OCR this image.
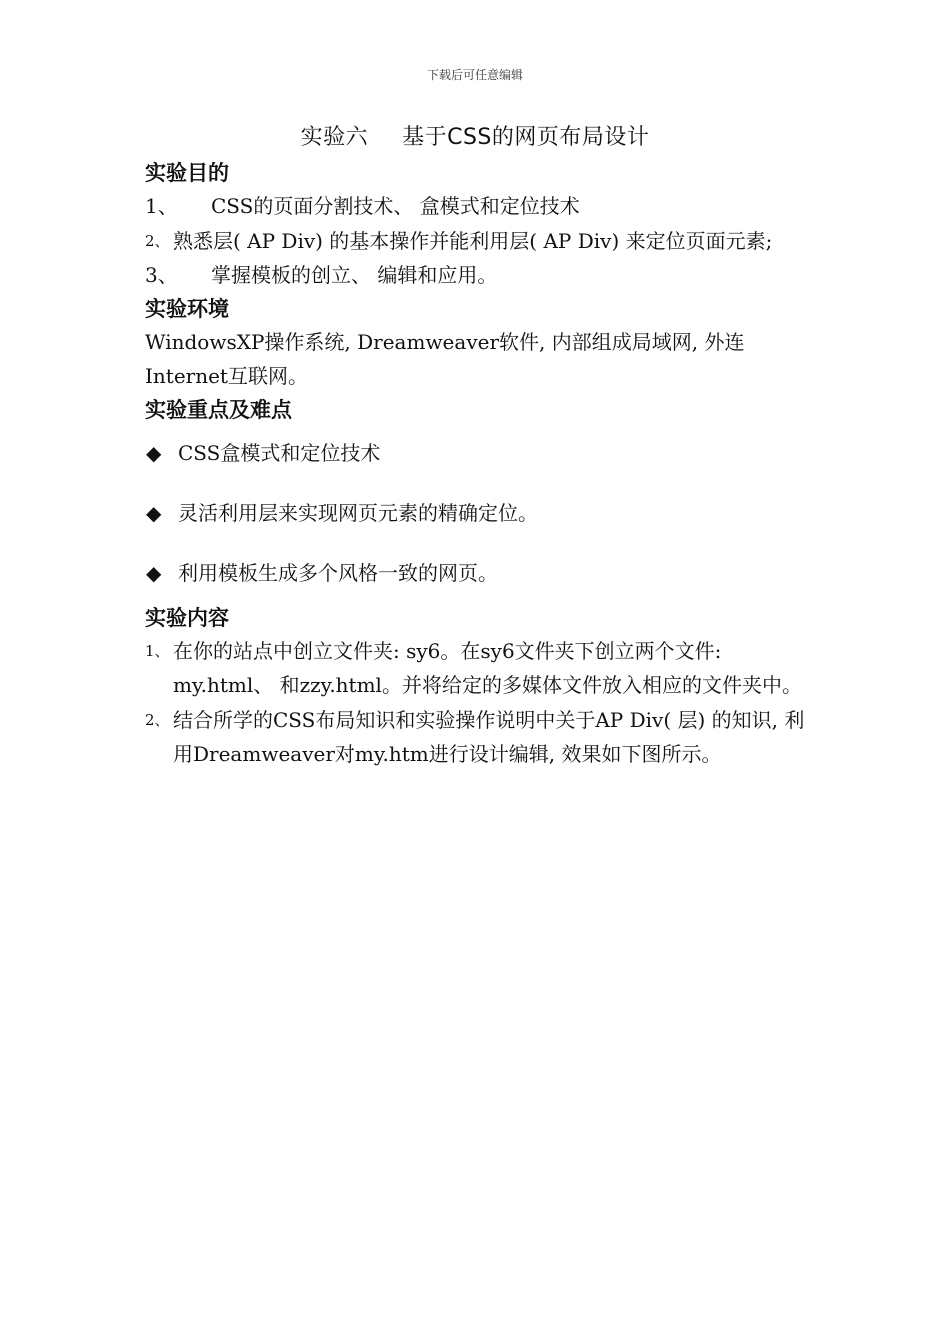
下载后可任意编辑
实验六 基于CSS的网页布局设计
实验目的
1、 CSS的页面分割技术、 盒模式和定位技术
2、 熟悉层( AP Div) 的基本操作并能利用层( AP Div) 来定位页面元素;
3、 掌握模板的创立、 编辑和应用。
实验环境
WindowsXP操作系统, Dreamweaver软件, 内部组成局域网, 外连Internet互联网。
实验重点及难点
◆ CSS盒模式和定位技术
◆ 灵活利用层来实现网页元素的精确定位。
◆ 利用模板生成多个风格一致的网页。
实验内容
1、 在你的站点中创立文件夹: sy6。在sy6文件夹下创立两个文件: my.html、 和zzy.html。并将给定的多媒体文件放入相应的文件夹中。
2、 结合所学的CSS布局知识和实验操作说明中关于AP Div( 层) 的知识, 利用Dreamweaver对my.htm进行设计编辑, 效果如下图所示。
